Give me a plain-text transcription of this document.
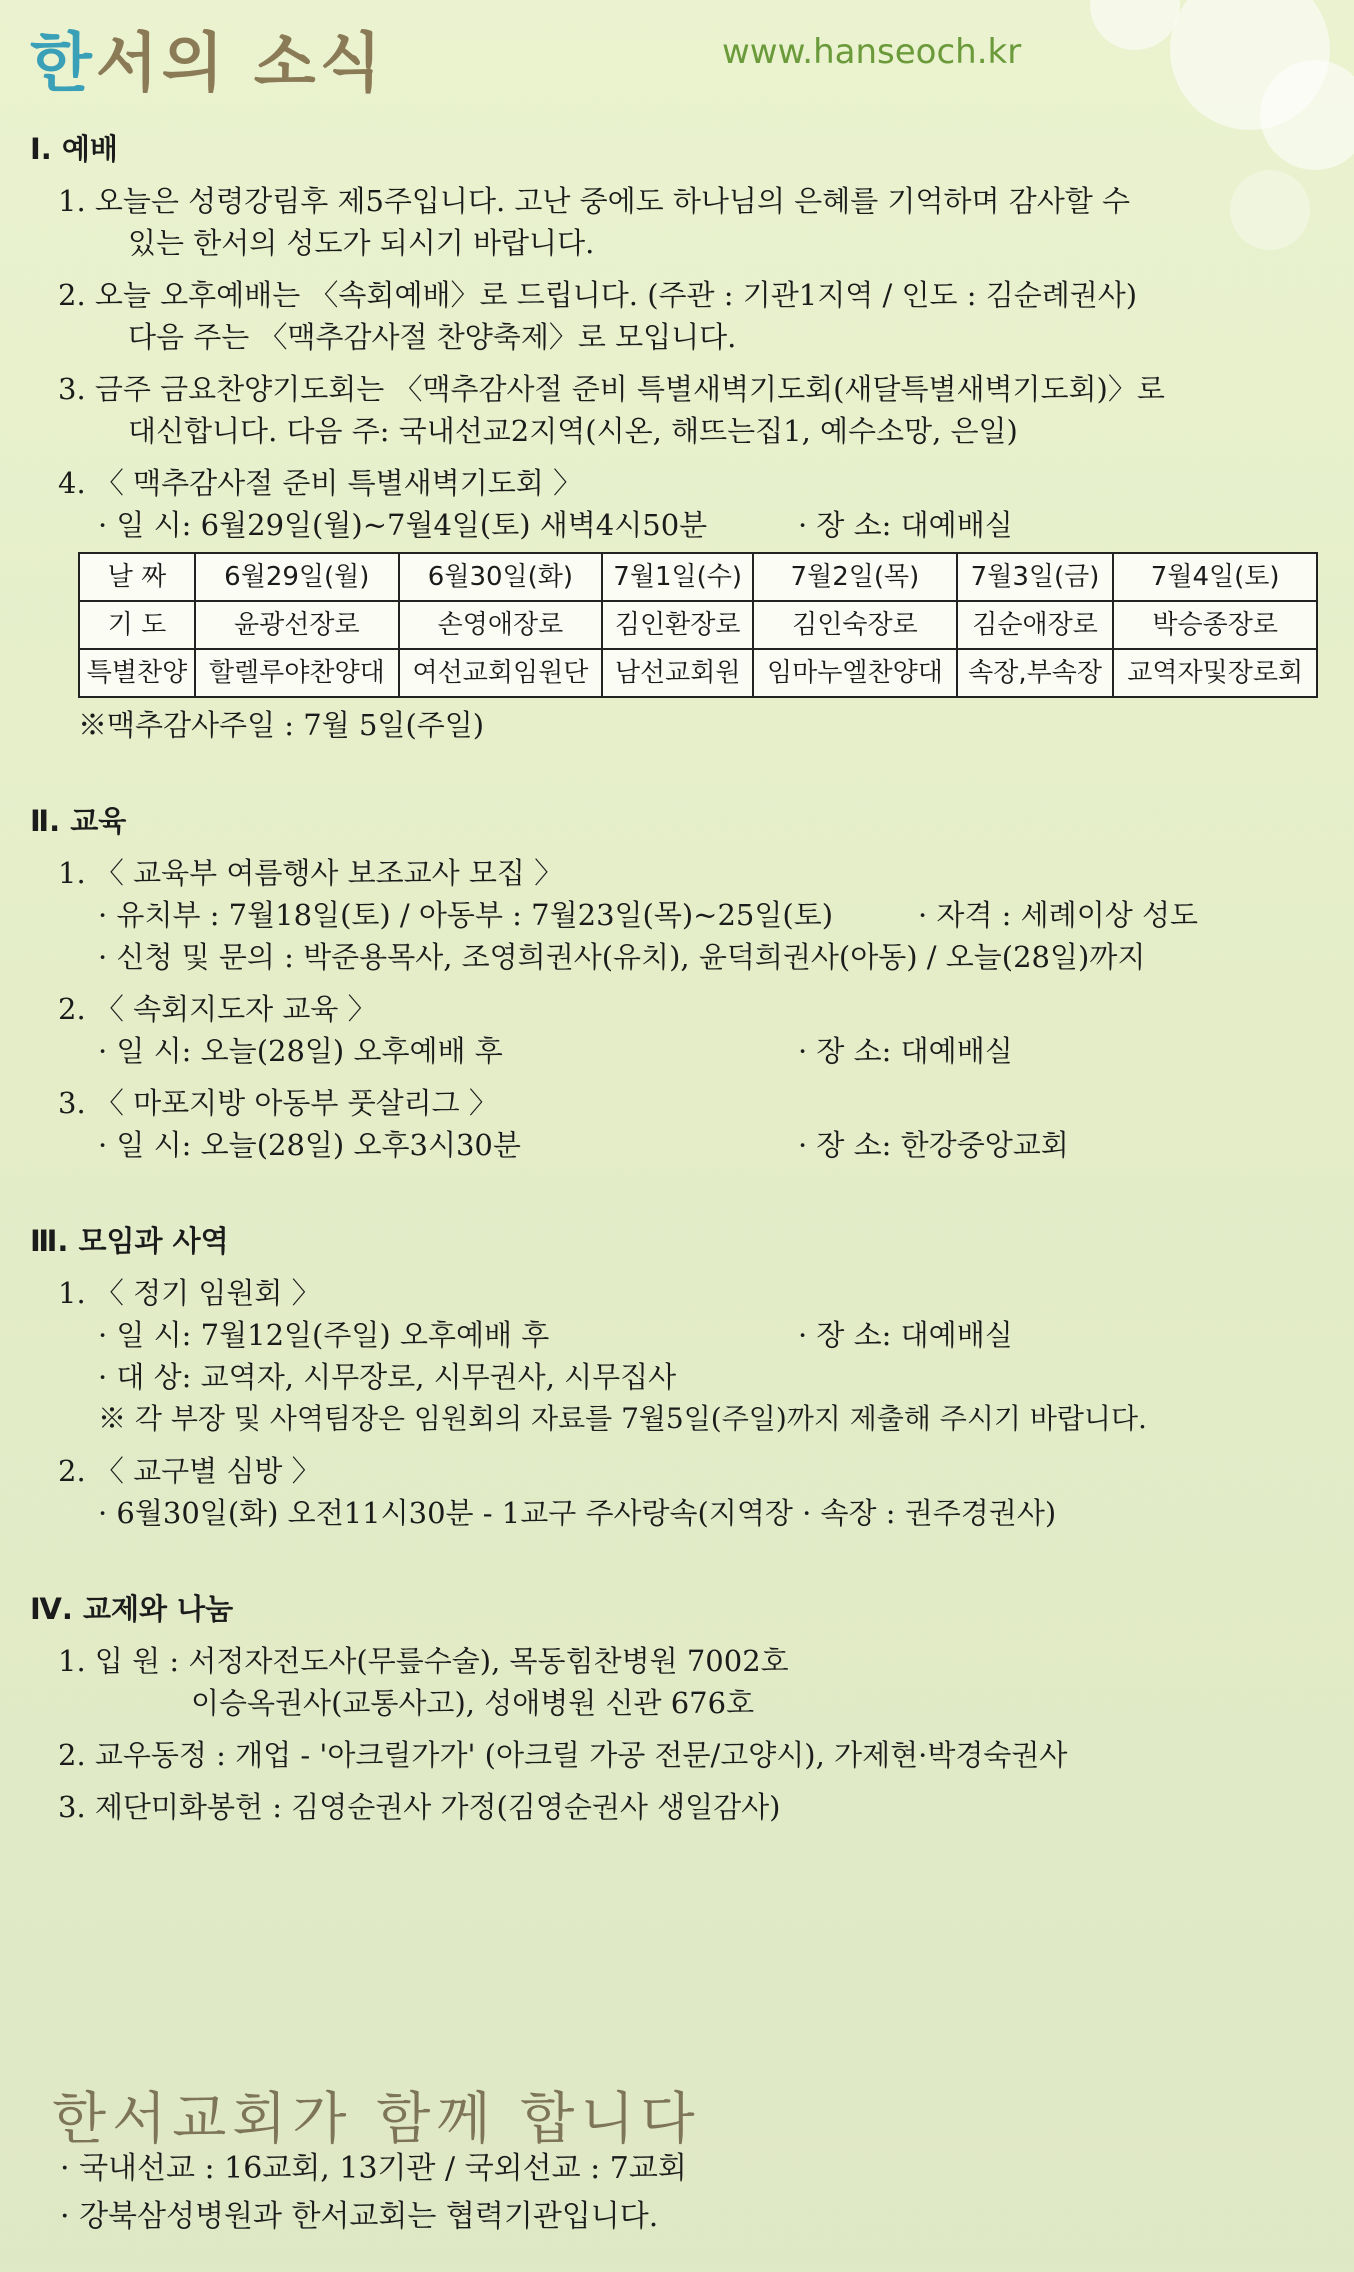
한서의 소식	www.hanseoch.kr
Ⅰ. 예배
1. 오늘은 성령강림후 제5주입니다. 고난 중에도 하나님의 은혜를 기억하며 감사할 수
있는 한서의 성도가 되시기 바랍니다.
2. 오늘 오후예배는 〈속회예배〉로 드립니다. (주관 : 기관1지역 / 인도 : 김순례권사)
다음 주는 〈맥추감사절 찬양축제〉로 모입니다.
3. 금주 금요찬양기도회는 〈맥추감사절 준비 특별새벽기도회(새달특별새벽기도회)〉로
대신합니다. 다음 주: 국내선교2지역(시온, 해뜨는집1, 예수소망, 은일)
4. 〈 맥추감사절 준비 특별새벽기도회 〉
· 일 시: 6월29일(월)~7월4일(토) 새벽4시50분	· 장 소: 대예배실
날 짜	6월29일(월)	6월30일(화)	7월1일(수)	7월2일(목)	7월3일(금)	7월4일(토)
기 도	윤광선장로	손영애장로	김인환장로	김인숙장로	김순애장로	박승종장로
특별찬양	할렐루야찬양대	여선교회임원단	남선교회원	임마누엘찬양대	속장,부속장	교역자및장로회
※맥추감사주일 : 7월 5일(주일)
Ⅱ. 교육
1. 〈 교육부 여름행사 보조교사 모집 〉
· 유치부 : 7월18일(토) / 아동부 : 7월23일(목)~25일(토)	· 자격 : 세례이상 성도
· 신청 및 문의 : 박준용목사, 조영희권사(유치), 윤덕희권사(아동) / 오늘(28일)까지
2. 〈 속회지도자 교육 〉
· 일 시: 오늘(28일) 오후예배 후	· 장 소: 대예배실
3. 〈 마포지방 아동부 풋살리그 〉
· 일 시: 오늘(28일) 오후3시30분	· 장 소: 한강중앙교회
Ⅲ. 모임과 사역
1. 〈 정기 임원회 〉
· 일 시: 7월12일(주일) 오후예배 후	· 장 소: 대예배실
· 대 상: 교역자, 시무장로, 시무권사, 시무집사
※ 각 부장 및 사역팀장은 임원회의 자료를 7월5일(주일)까지 제출해 주시기 바랍니다.
2. 〈 교구별 심방 〉
· 6월30일(화) 오전11시30분 - 1교구 주사랑속(지역장 · 속장 : 권주경권사)
Ⅳ. 교제와 나눔
1. 입 원 : 서정자전도사(무릎수술), 목동힘찬병원 7002호
이승옥권사(교통사고), 성애병원 신관 676호
2. 교우동정 : 개업 - '아크릴가가' (아크릴 가공 전문/고양시), 가제현·박경숙권사
3. 제단미화봉헌 : 김영순권사 가정(김영순권사 생일감사)
한서교회가 함께 합니다
· 국내선교 : 16교회, 13기관 / 국외선교 : 7교회
· 강북삼성병원과 한서교회는 협력기관입니다.
